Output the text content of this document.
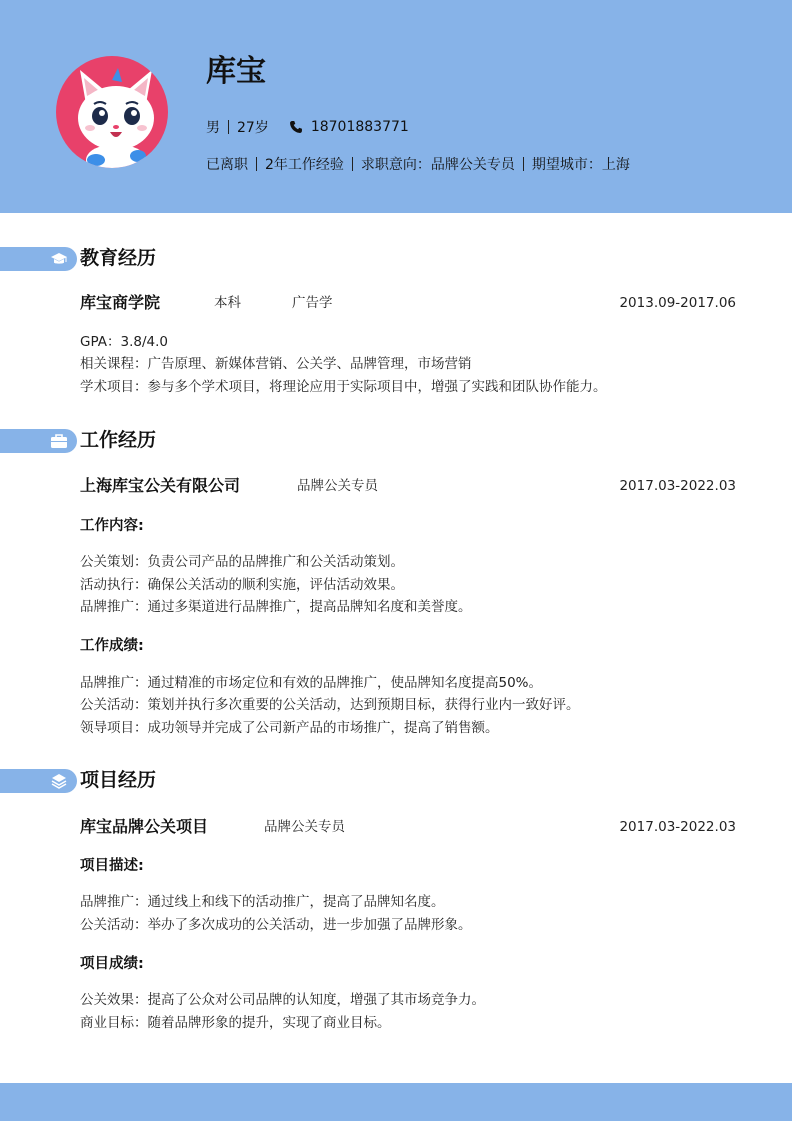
库宝
男 27岁	18701883771
已离职 2年工作经验 求职意向：品牌公关专员 期望城市：上海
教育经历
库宝商学院	本科	广告学	2013.09-2017.06
GPA：3.8/4.0
相关课程：广告原理、新媒体营销、公关学、品牌管理，市场营销
学术项目：参与多个学术项目，将理论应用于实际项目中，增强了实践和团队协作能力。
工作经历
上海库宝公关有限公司	品牌公关专员	2017.03-2022.03
工作内容:
公关策划：负责公司产品的品牌推广和公关活动策划。
活动执行：确保公关活动的顺利实施，评估活动效果。
品牌推广：通过多渠道进行品牌推广，提高品牌知名度和美誉度。
工作成绩:
品牌推广：通过精准的市场定位和有效的品牌推广，使品牌知名度提高50%。
公关活动：策划并执行多次重要的公关活动，达到预期目标，获得行业内一致好评。
领导项目：成功领导并完成了公司新产品的市场推广，提高了销售额。
项目经历
库宝品牌公关项目	品牌公关专员	2017.03-2022.03
项目描述:
品牌推广：通过线上和线下的活动推广，提高了品牌知名度。
公关活动：举办了多次成功的公关活动，进一步加强了品牌形象。
项目成绩:
公关效果：提高了公众对公司品牌的认知度，增强了其市场竞争力。
商业目标：随着品牌形象的提升，实现了商业目标。
